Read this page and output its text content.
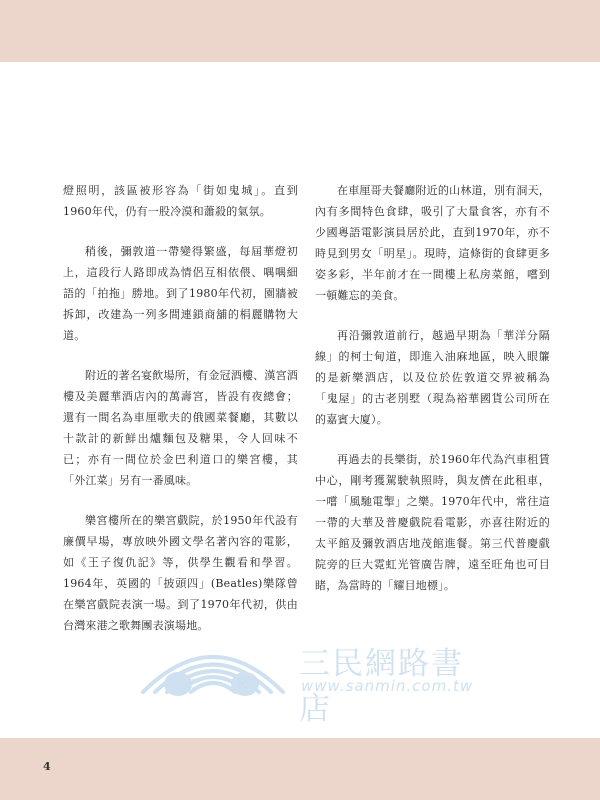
燈照明，該區被形容為「街如鬼城」。直到1960年代，仍有一股冷漠和蕭殺的氣氛。

稍後，彌敦道一帶變得繁盛，每屆華燈初上，這段行人路即成為情侶互相依偎、喁喁細語的「拍拖」勝地。到了1980年代初，園牆被拆卸，改建為一列多間連鎖商舖的梋麗購物大道。

附近的著名宴飲場所，有金冠酒樓、漢宮酒樓及美麗華酒店內的萬壽宮，皆設有夜總會；還有一間名為車厘歌夫的俄國菜餐廳，其數以十款計的新鮮出爐麵包及糖果，令人回味不已；亦有一間位於金巴利道口的樂宮樓，其「外江菜」另有一番風味。

樂宮樓所在的樂宮戲院，於1950年代設有廉價早場，專放映外國文學名著內容的電影，如《王子復仇記》等，供學生觀看和學習。1964年，英國的「披頭四」(Beatles)樂隊曾在樂宮戲院表演一場。到了1970年代初，供由台灣來港之歌舞團表演場地。

在車厘哥夫餐廳附近的山林道，別有洞天，內有多間特色食肆，吸引了大量食客，亦有不少國粵語電影演員居於此，直到1970年，亦不時見到男女「明星」。現時，這條街的食肆更多姿多彩，半年前才在一間樓上私房菜館，嚐到一頓難忘的美食。

再沿彌敦道前行，越過早期為「華洋分隔線」的柯士甸道，即進入油麻地區，映入眼簾的是新樂酒店，以及位於佐敦道交界被稱為「鬼屋」的古老別墅（現為裕華國貨公司所在的嘉賓大廈）。

再過去的長樂街，於1960年代為汽車租賃中心，剛考獲駕駛執照時，與友儕在此租車，一嚐「風馳電掣」之樂。1970年代中，常往這一帶的大華及普慶戲院看電影，亦喜往附近的太平館及彌敦酒店地茂館進餐。第三代普慶戲院旁的巨大霓虹光管廣告牌，遠至旺角也可目睹，為當時的「耀目地標」。

三	民
三民網路書店
www.sanmin.com.tw
4
